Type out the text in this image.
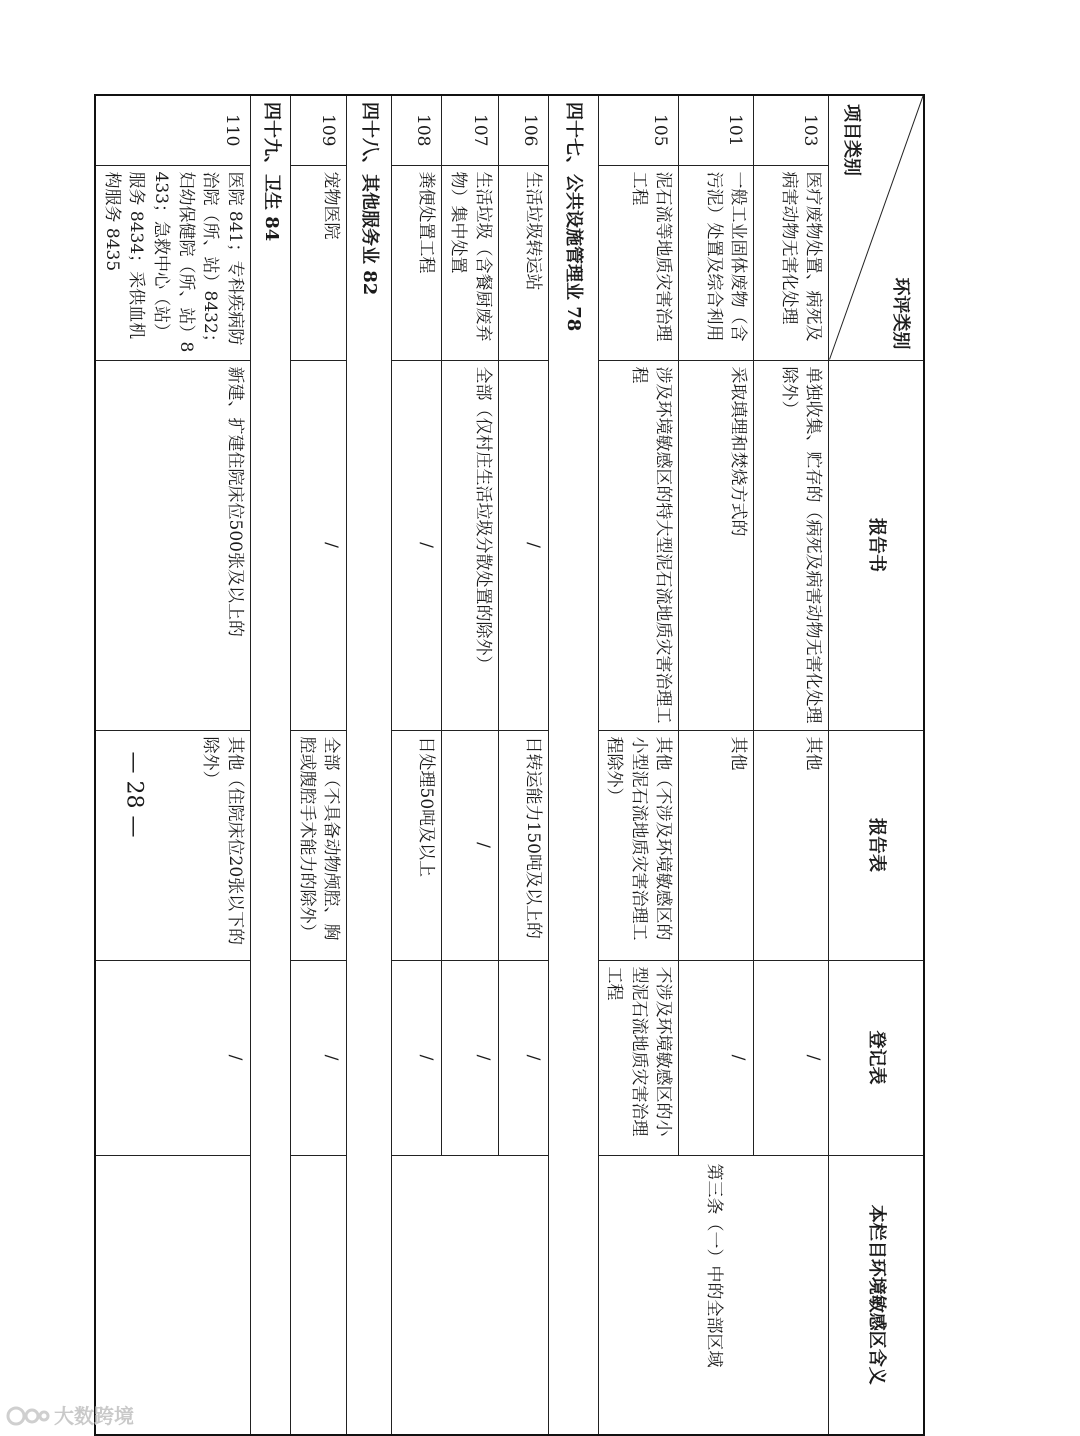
环评类别
项目类别		报告书	报告表	登记表	本栏目环境敏感区含义
103	医疗废物处置、病死及病害动物无害化处理	单独收集、贮存的（病死及病害动物无害化处理除外）	其他	/	第三条（一）中的全部区域
101	一般工业固体废物（含污泥）处置及综合利用	采取填埋和焚烧方式的	其他	/	
105	泥石流等地质灾害治理工程	涉及环境敏感区的特大型泥石流地质灾害治理工程	其他（不涉及环境敏感区的小型泥石流地质灾害治理工程除外）	不涉及环境敏感区的小型泥石流地质灾害治理工程	
四十七、公共设施管理业 78					
106	生活垃圾转运站	/	日转运能力150吨及以上的	/	
107	生活垃圾（含餐厨废弃物）集中处置	全部（仅村庄生活垃圾分散处置的除外）	/	/	
108	粪便处置工程	/	日处理50吨及以上	/	
四十八、其他服务业 82					
109	宠物医院	/	全部（不具备动物颅腔、胸腔或腹腔手术能力的除外）	/	
四十九、卫生 84					
110	医院 841；专科疾病防治院（所、站）8432；妇幼保健院（所、站）8433；急救中心（站）服务 8434；采供血机构服务 8435	新建、扩建住院床位500张及以上的	其他（住院床位20张以下的除外）	/	
— 28 —
大数跨境
